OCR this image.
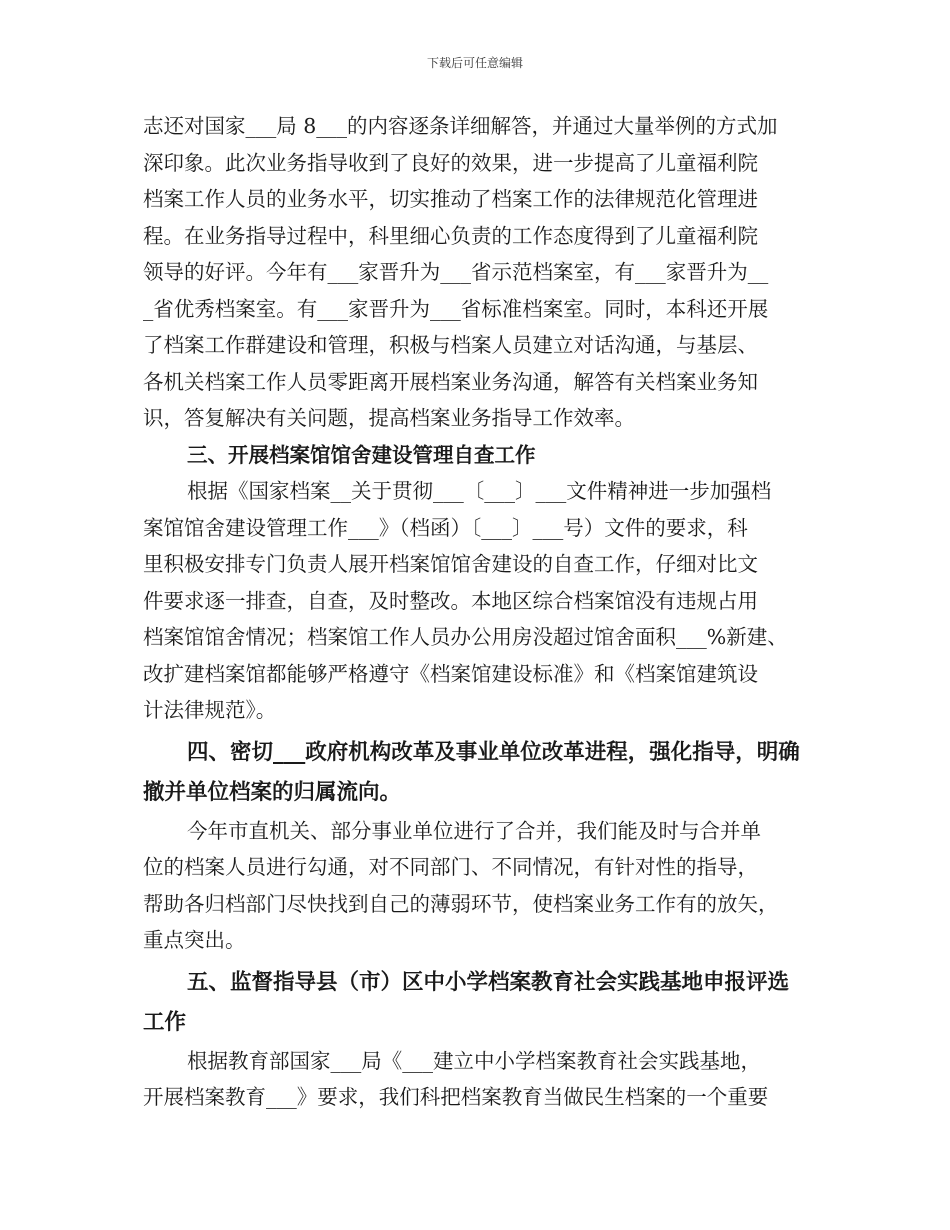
下载后可任意编辑

志还对国家___局 8___的内容逐条详细解答，并通过大量举例的方式加

深印象。此次业务指导收到了良好的效果，进一步提高了儿童福利院

档案工作人员的业务水平，切实推动了档案工作的法律规范化管理进

程。在业务指导过程中，科里细心负责的工作态度得到了儿童福利院

领导的好评。今年有___家晋升为___省示范档案室，有___家晋升为__

_省优秀档案室。有___家晋升为___省标准档案室。同时，本科还开展

了档案工作群建设和管理，积极与档案人员建立对话沟通，与基层、

各机关档案工作人员零距离开展档案业务沟通，解答有关档案业务知

识，答复解决有关问题，提高档案业务指导工作效率。

三、开展档案馆馆舍建设管理自查工作

根据《国家档案__关于贯彻___〔___〕___文件精神进一步加强档

案馆馆舍建设管理工作___》（档函）〔___〕___号）文件的要求，科

里积极安排专门负责人展开档案馆馆舍建设的自查工作，仔细对比文

件要求逐一排查，自查，及时整改。本地区综合档案馆没有违规占用

档案馆馆舍情况；档案馆工作人员办公用房没超过馆舍面积___%新建、

改扩建档案馆都能够严格遵守《档案馆建设标准》和《档案馆建筑设

计法律规范》。

四、密切___政府机构改革及事业单位改革进程，强化指导，明确

撤并单位档案的归属流向。

今年市直机关、部分事业单位进行了合并，我们能及时与合并单

位的档案人员进行勾通，对不同部门、不同情况，有针对性的指导，

帮助各归档部门尽快找到自己的薄弱环节，使档案业务工作有的放矢，

重点突出。

五、监督指导县（市）区中小学档案教育社会实践基地申报评选

工作

根据教育部国家___局《___建立中小学档案教育社会实践基地，

开展档案教育___》要求，我们科把档案教育当做民生档案的一个重要
